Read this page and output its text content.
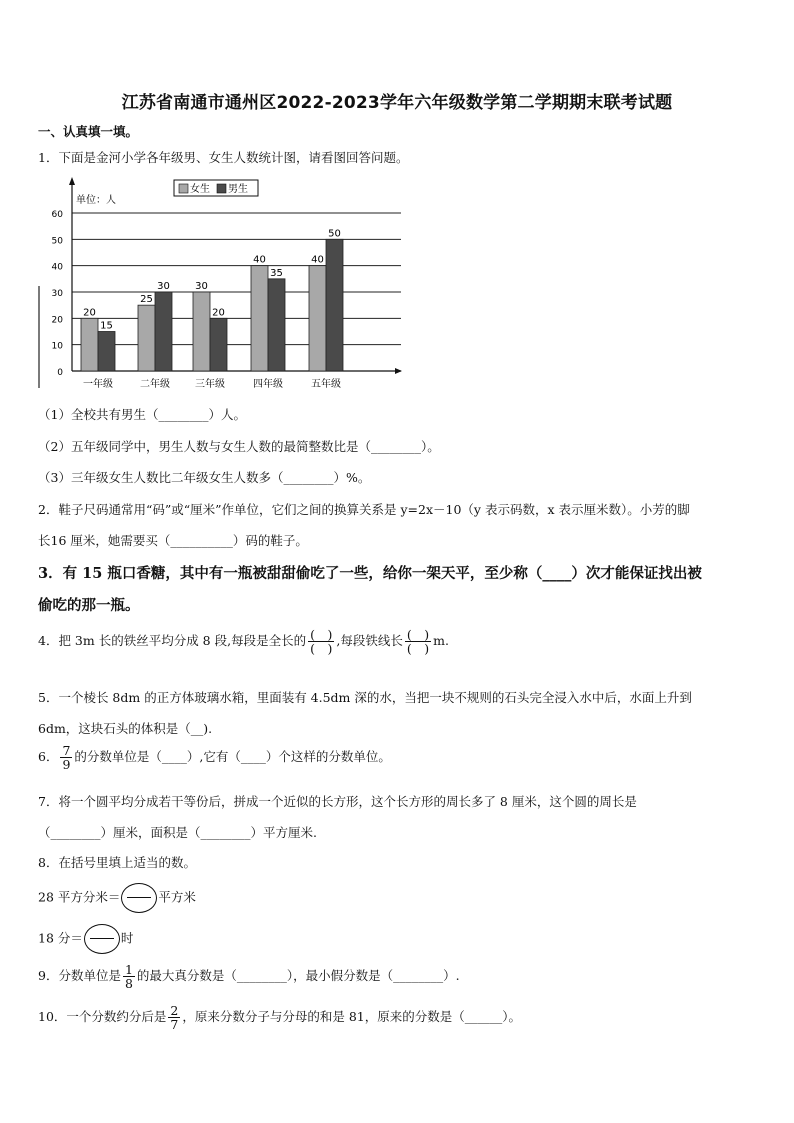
江苏省南通市通州区2022-2023学年六年级数学第二学期期末联考试题
一、认真填一填。
1．下面是金河小学各年级男、女生人数统计图，请看图回答问题。
0
10
20
30
40
50
60
单位：人
女生 男生
20
15
一年级
25
30
二年级
30
20
三年级
40
35
四年级
40
50
五年级
（1）全校共有男生（________）人。
（2）五年级同学中，男生人数与女生人数的最简整数比是（________）。
（3）三年级女生人数比二年级女生人数多（________）%。
2．鞋子尺码通常用“码”或“厘米”作单位，它们之间的换算关系是 y=2x－10（y 表示码数，x 表示厘米数）。小芳的脚
长16 厘米，她需要买（__________）码的鞋子。
3．有 15 瓶口香糖，其中有一瓶被甜甜偷吃了一些，给你一架天平，至少称（____）次才能保证找出被
偷吃的那一瓶。
4．把 3m 长的铁丝平均分成 8 段,每段是全长的 $\frac{( )}{( )}$ ,每段铁线长 $\frac{( )}{( )} m$.
5．一个棱长 8dm 的正方体玻璃水箱，里面装有 4.5dm 深的水，当把一块不规则的石头完全浸入水中后，水面上升到
6dm，这块石头的体积是（__).
6． $\frac{7}{9}$ 的分数单位是（____）,它有（____）个这样的分数单位。
7．将一个圆平均分成若干等份后，拼成一个近似的长方形，这个长方形的周长多了 8 厘米，这个圆的周长是
（________）厘米，面积是（________）平方厘米.
8．在括号里填上适当的数。
28 平方分米＝	平方米
18 分＝	时
9．分数单位是 $\frac{1}{8}$ 的最大真分数是（________），最小假分数是（________）.
10．一个分数约分后是 $\frac{2}{7}$ ，原来分数分子与分母的和是 81，原来的分数是（______）。
